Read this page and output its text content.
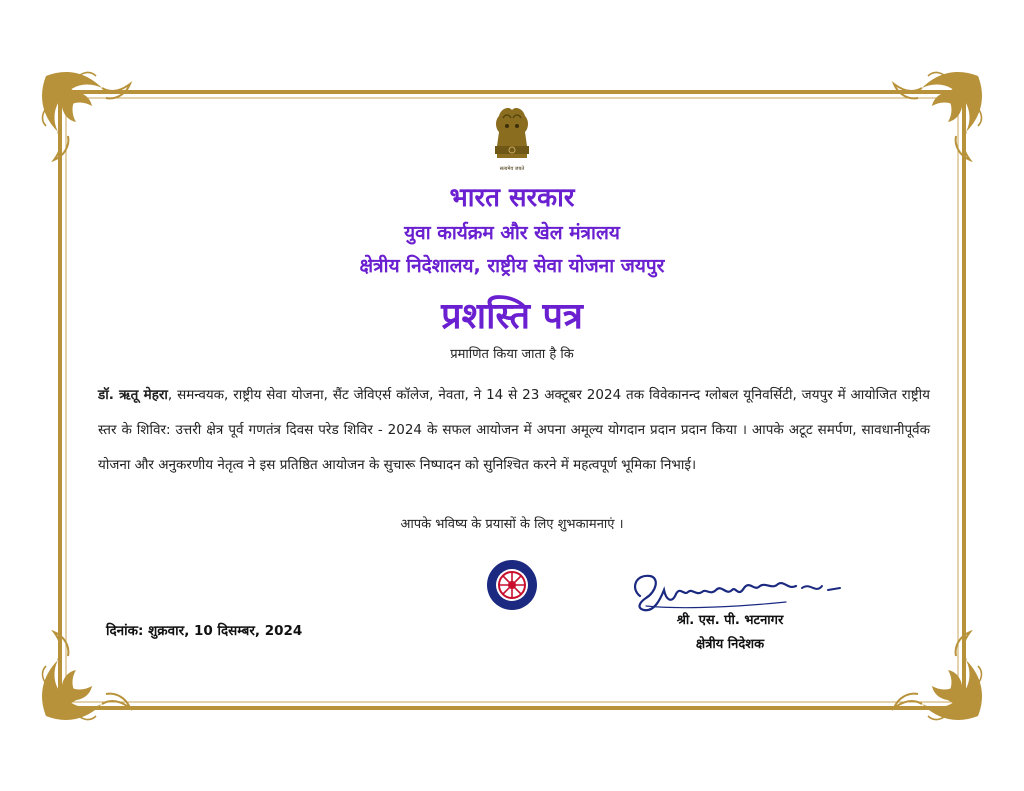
सत्यमेव जयते
भारत सरकार
युवा कार्यक्रम और खेल मंत्रालय
क्षेत्रीय निदेशालय, राष्ट्रीय सेवा योजना जयपुर
प्रशस्ति पत्र
प्रमाणित किया जाता है कि
डॉ. ऋतू मेहरा, समन्वयक, राष्ट्रीय सेवा योजना, सैंट जेविएर्स कॉलेज, नेवता, ने 14 से 23 अक्टूबर 2024 तक विवेकानन्द ग्लोबल यूनिवर्सिटी, जयपुर में आयोजित राष्ट्रीय स्तर के शिविर: उत्तरी क्षेत्र पूर्व गणतंत्र दिवस परेड शिविर - 2024 के सफल आयोजन में अपना अमूल्य योगदान प्रदान प्रदान किया । आपके अटूट समर्पण, सावधानीपूर्वक योजना और अनुकरणीय नेतृत्व ने इस प्रतिष्ठित आयोजन के सुचारू निष्पादन को सुनिश्चित करने में महत्वपूर्ण भूमिका निभाई।
आपके भविष्य के प्रयासों के लिए शुभकामनाएं ।
दिनांक: शुक्रवार, 10 दिसम्बर, 2024
श्री. एस. पी. भटनागर
क्षेत्रीय निदेशक
